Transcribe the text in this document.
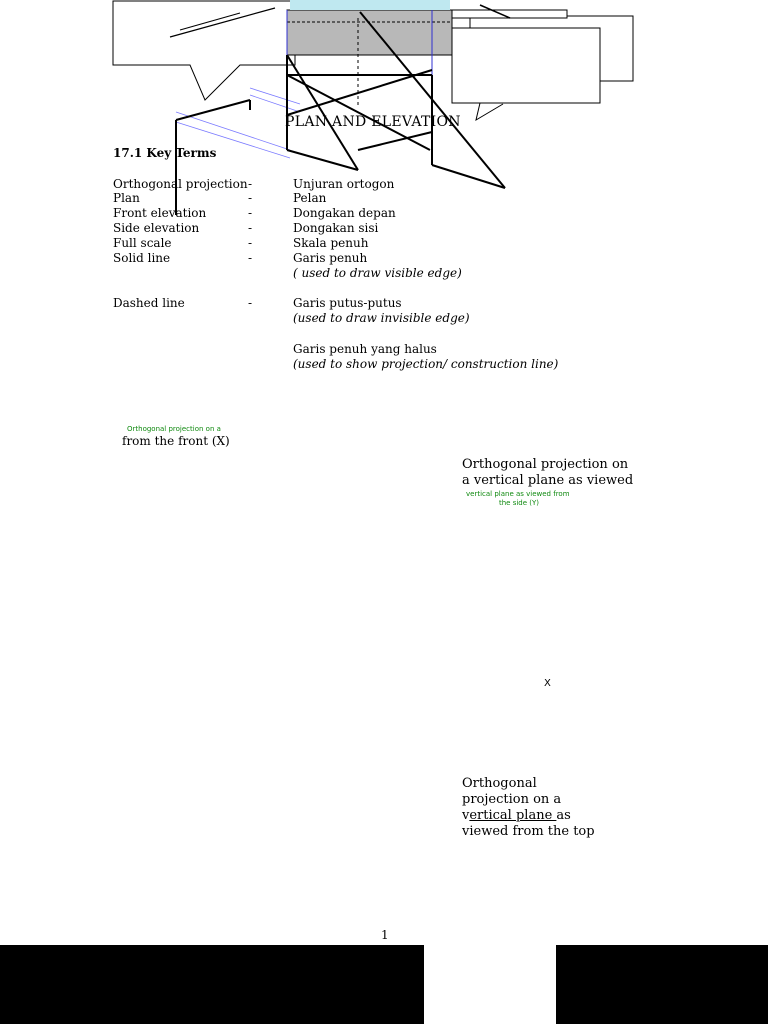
PLAN AND ELEVATION
17.1 Key Terms
Orthogonal projection -	Unjuran ortogon
Plan	-	Pelan
Front elevation	-	Dongakan depan
Side elevation	-	Dongakan sisi
Full scale	-	Skala penuh
Solid line	-	Garis penuh
( used to draw visible edge)
Dashed line	-	Garis putus-putus
(used to draw invisible edge)
Garis penuh yang halus
(used to show projection/ construction line)
Orthogonal projection on a
from the front (X)
Orthogonal projection on
a vertical plane as viewed
vertical plane as viewed from
the side (Y)
X
Orthogonal
projection on a
vertical plane as
viewed from the top
1
